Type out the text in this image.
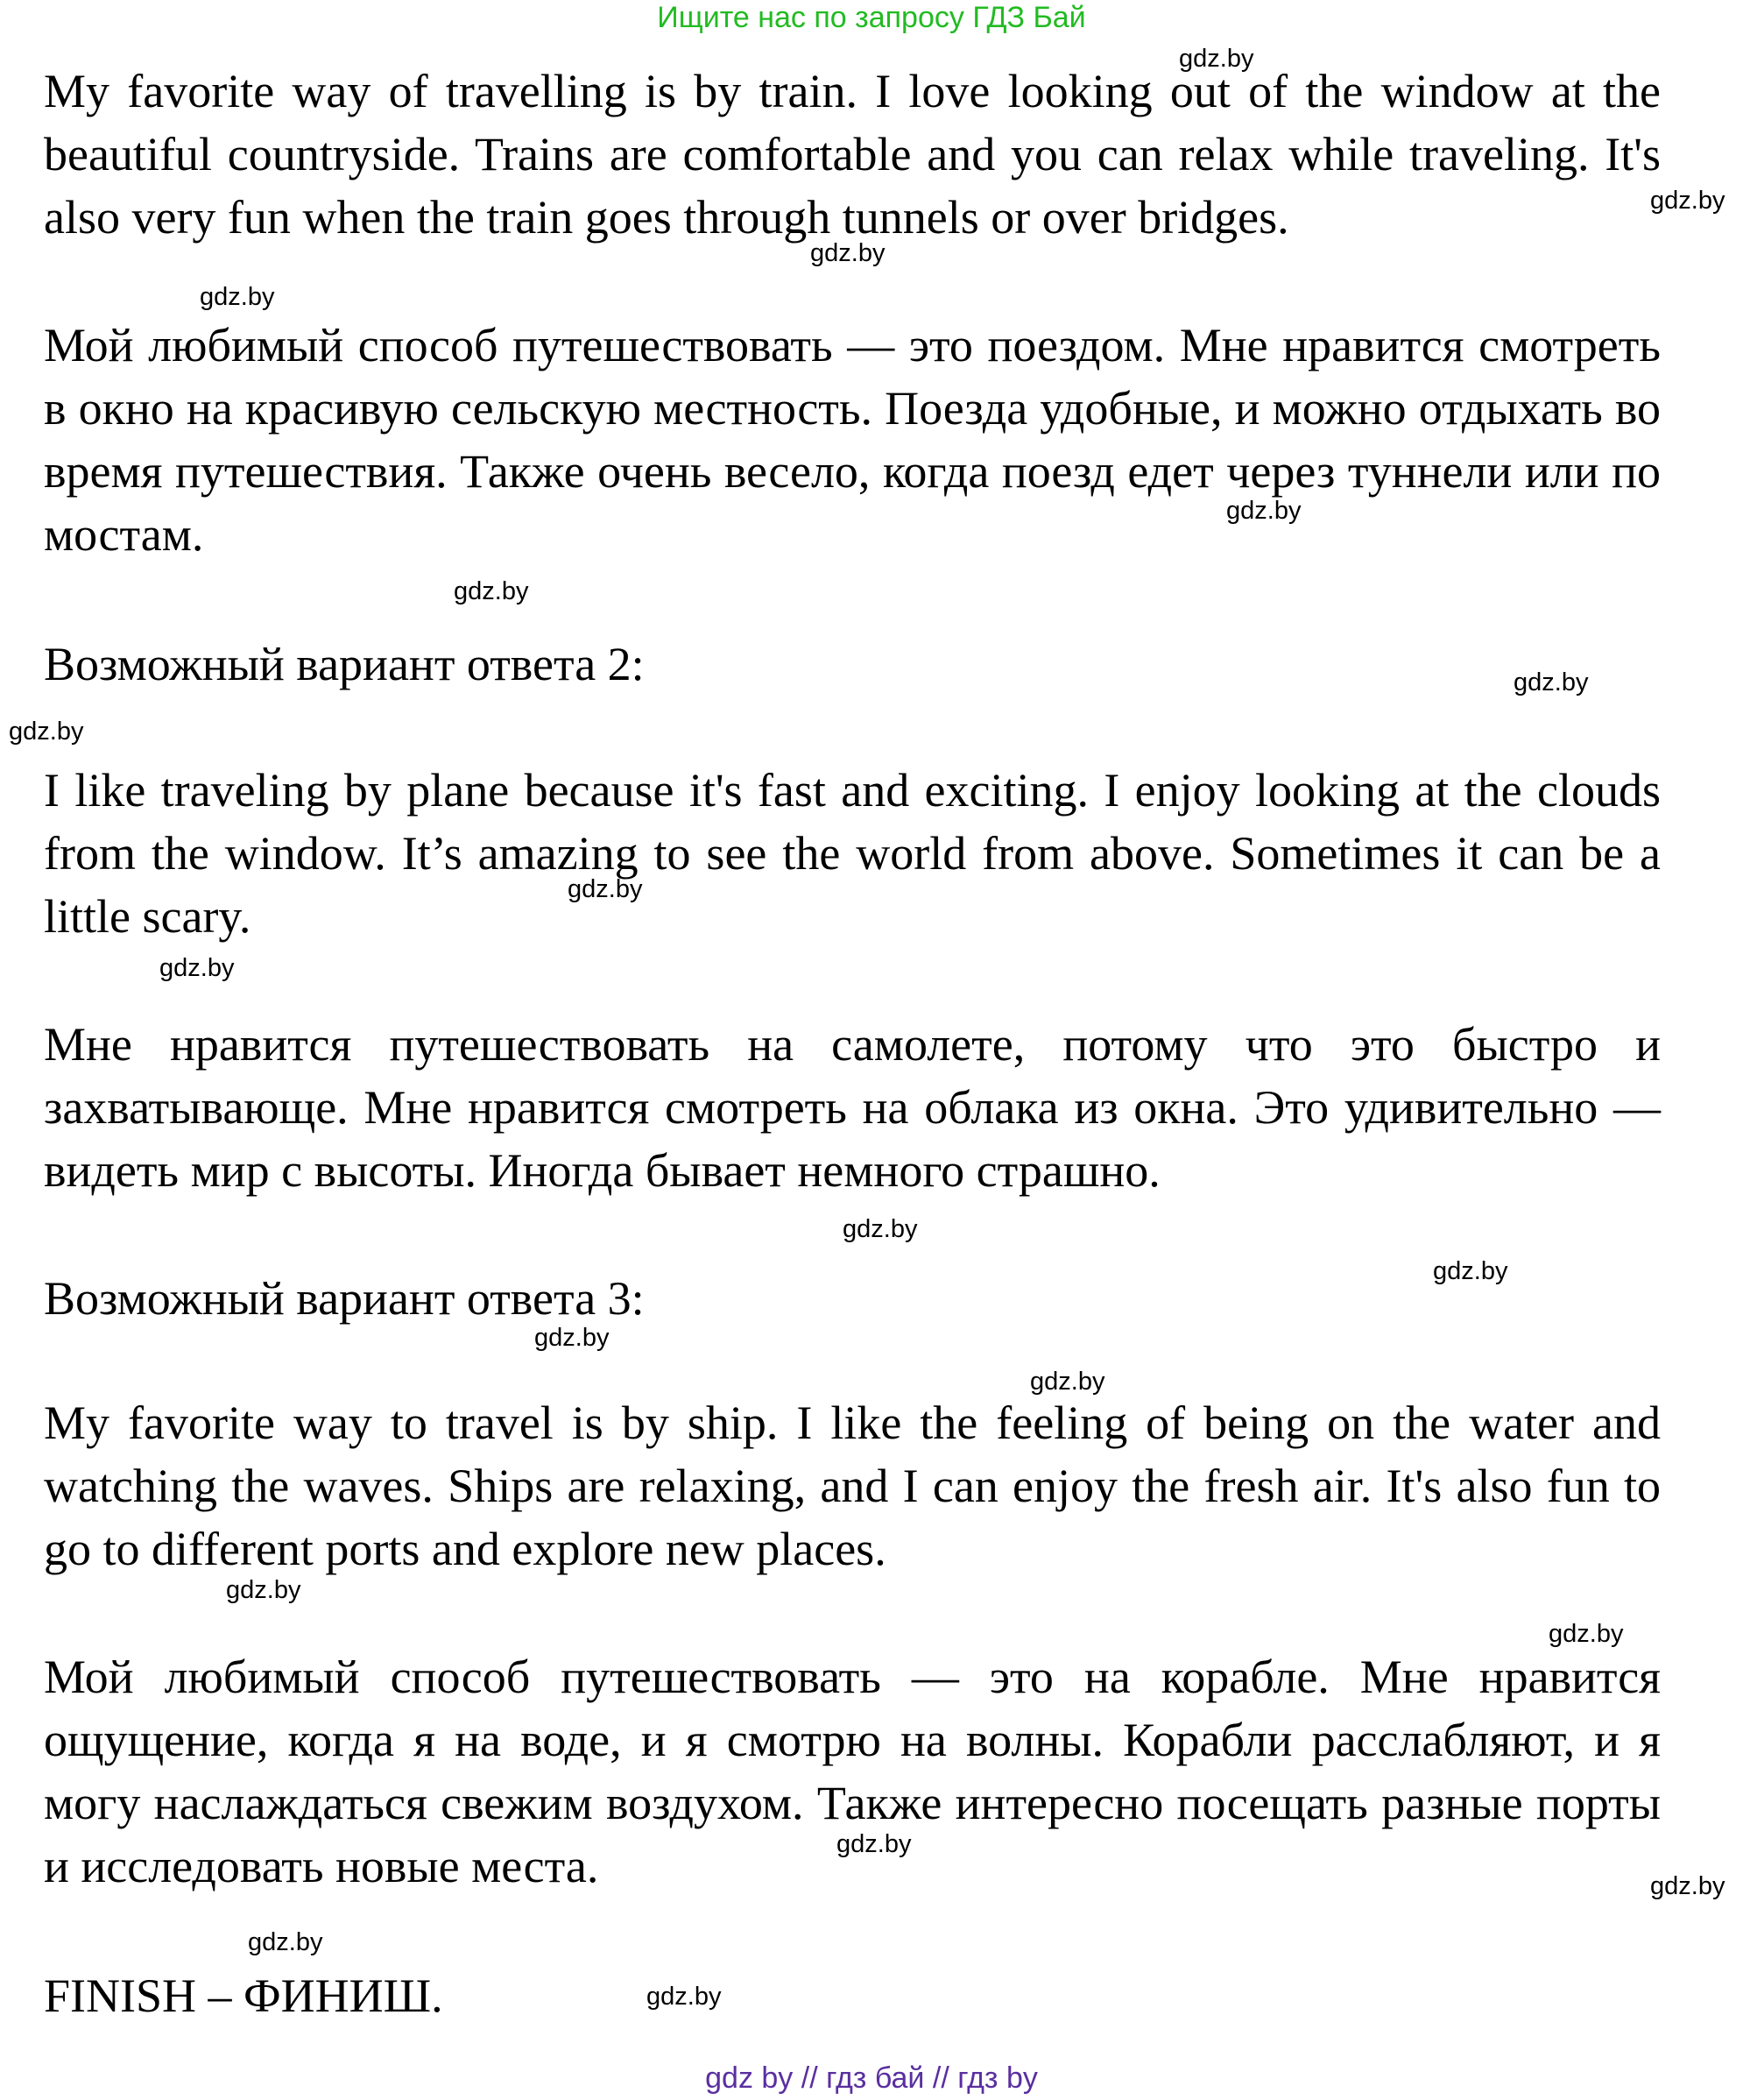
Ищите нас по запросу ГДЗ Бай

My favorite way of travelling is by train. I love looking out of the window at the beautiful countryside. Trains are comfortable and you can relax while traveling. It's also very fun when the train goes through tunnels or over bridges.

Мой любимый способ путешествовать — это поездом. Мне нравится смотреть в окно на красивую сельскую местность. Поезда удобные, и можно отдыхать во время путешествия. Также очень весело, когда поезд едет через туннели или по мостам.

Возможный вариант ответа 2:

I like traveling by plane because it's fast and exciting. I enjoy looking at the clouds from the window. It’s amazing to see the world from above. Sometimes it can be a little scary.

Мне нравится путешествовать на самолете, потому что это быстро и захватывающе. Мне нравится смотреть на облака из окна. Это удивительно — видеть мир с высоты. Иногда бывает немного страшно.

Возможный вариант ответа 3:

My favorite way to travel is by ship. I like the feeling of being on the water and watching the waves. Ships are relaxing, and I can enjoy the fresh air. It's also fun to go to different ports and explore new places.

Мой любимый способ путешествовать — это на корабле. Мне нравится ощущение, когда я на воде, и я смотрю на волны. Корабли расслабляют, и я могу наслаждаться свежим воздухом. Также интересно посещать разные порты и исследовать новые места.

FINISH – ФИНИШ.

gdz.by
gdz.by
gdz.by
gdz.by
gdz.by
gdz.by
gdz.by
gdz.by
gdz.by
gdz.by
gdz.by
gdz.by
gdz.by
gdz.by
gdz.by
gdz.by
gdz.by
gdz.by
gdz.by
gdz.by
gdz by // гдз бай // гдз by
